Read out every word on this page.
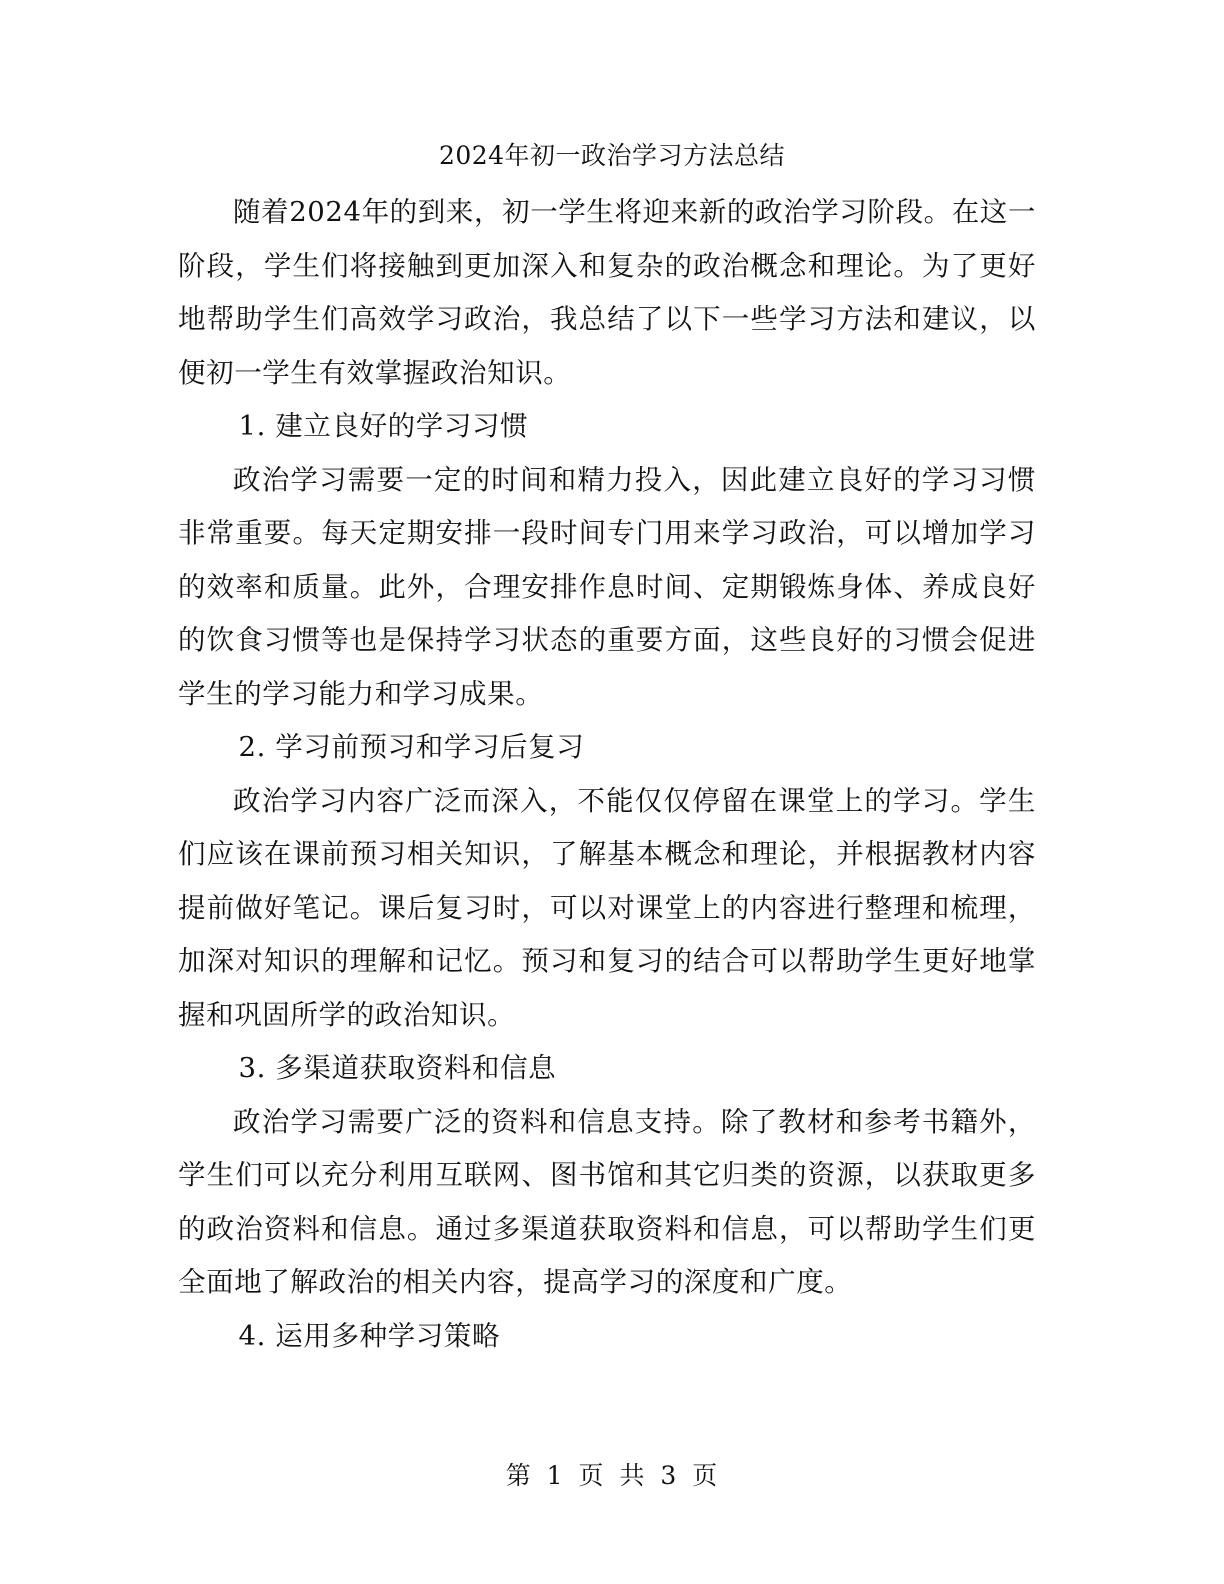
2024年初一政治学习方法总结

随着2024年的到来，初一学生将迎来新的政治学习阶段。在这一阶段，学生们将接触到更加深入和复杂的政治概念和理论。为了更好地帮助学生们高效学习政治，我总结了以下一些学习方法和建议，以便初一学生有效掌握政治知识。

1. 建立良好的学习习惯

政治学习需要一定的时间和精力投入，因此建立良好的学习习惯非常重要。每天定期安排一段时间专门用来学习政治，可以增加学习的效率和质量。此外，合理安排作息时间、定期锻炼身体、养成良好的饮食习惯等也是保持学习状态的重要方面，这些良好的习惯会促进学生的学习能力和学习成果。

2. 学习前预习和学习后复习

政治学习内容广泛而深入，不能仅仅停留在课堂上的学习。学生们应该在课前预习相关知识，了解基本概念和理论，并根据教材内容提前做好笔记。课后复习时，可以对课堂上的内容进行整理和梳理，加深对知识的理解和记忆。预习和复习的结合可以帮助学生更好地掌握和巩固所学的政治知识。

3. 多渠道获取资料和信息

政治学习需要广泛的资料和信息支持。除了教材和参考书籍外，学生们可以充分利用互联网、图书馆和其它归类的资源，以获取更多的政治资料和信息。通过多渠道获取资料和信息，可以帮助学生们更全面地了解政治的相关内容，提高学习的深度和广度。

4. 运用多种学习策略

第 1 页 共 3 页
